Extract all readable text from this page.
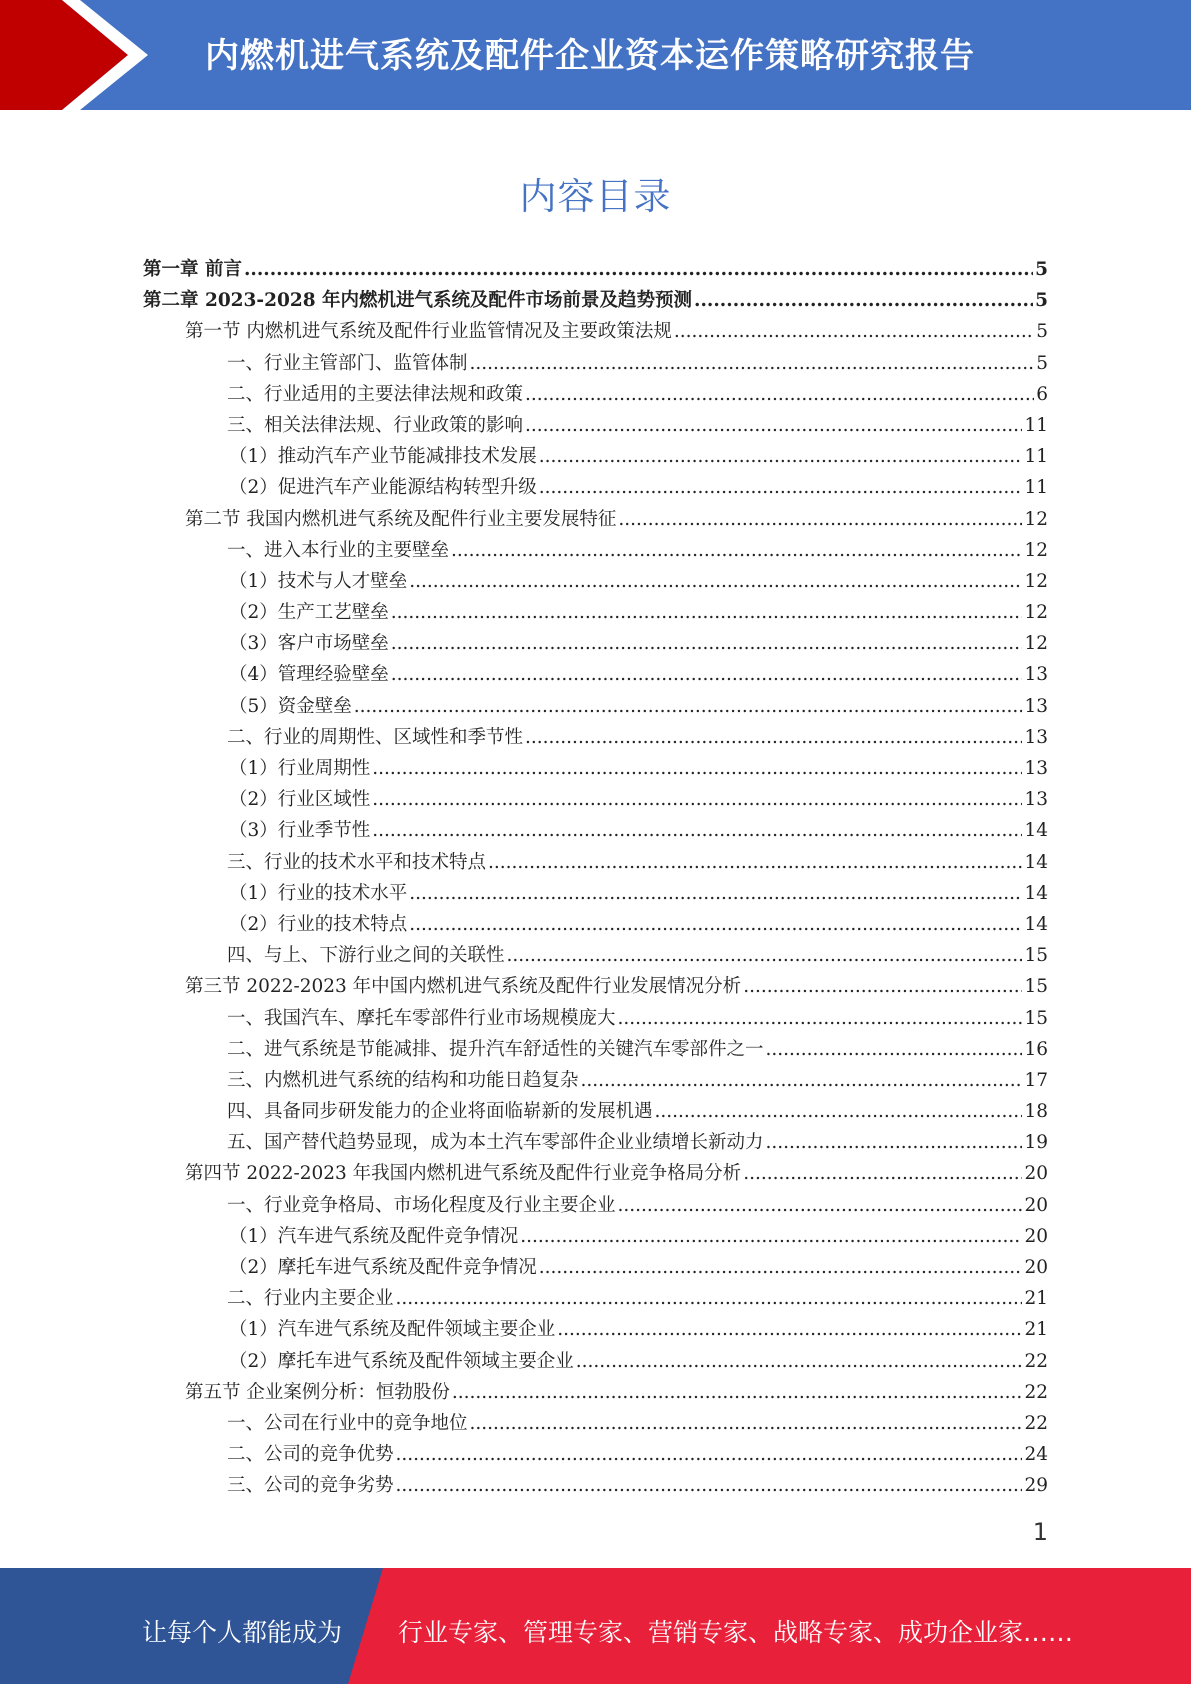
内燃机进气系统及配件企业资本运作策略研究报告
内容目录
第一章 前言 .....	5
第二章 2023-2028 年内燃机进气系统及配件市场前景及趋势预测 .....	5
第一节 内燃机进气系统及配件行业监管情况及主要政策法规 .....	5
一、行业主管部门、监管体制 .....	5
二、行业适用的主要法律法规和政策 .....	6
三、相关法律法规、行业政策的影响 .....	11
（1）推动汽车产业节能减排技术发展 .....	11
（2）促进汽车产业能源结构转型升级 .....	11
第二节 我国内燃机进气系统及配件行业主要发展特征 .....	12
一、进入本行业的主要壁垒 .....	12
（1）技术与人才壁垒 .....	12
（2）生产工艺壁垒 .....	12
（3）客户市场壁垒 .....	12
（4）管理经验壁垒 .....	13
（5）资金壁垒 .....	13
二、行业的周期性、区域性和季节性 .....	13
（1）行业周期性 .....	13
（2）行业区域性 .....	13
（3）行业季节性 .....	14
三、行业的技术水平和技术特点 .....	14
（1）行业的技术水平 .....	14
（2）行业的技术特点 .....	14
四、与上、下游行业之间的关联性 .....	15
第三节 2022-2023 年中国内燃机进气系统及配件行业发展情况分析 .....	15
一、我国汽车、摩托车零部件行业市场规模庞大 .....	15
二、进气系统是节能减排、提升汽车舒适性的关键汽车零部件之一 .....	16
三、内燃机进气系统的结构和功能日趋复杂 .....	17
四、具备同步研发能力的企业将面临崭新的发展机遇 .....	18
五、国产替代趋势显现，成为本土汽车零部件企业业绩增长新动力 .....	19
第四节 2022-2023 年我国内燃机进气系统及配件行业竞争格局分析 .....	20
一、行业竞争格局、市场化程度及行业主要企业 .....	20
（1）汽车进气系统及配件竞争情况 .....	20
（2）摩托车进气系统及配件竞争情况 .....	20
二、行业内主要企业 .....	21
（1）汽车进气系统及配件领域主要企业 .....	21
（2）摩托车进气系统及配件领域主要企业 .....	22
第五节 企业案例分析：恒勃股份 .....	22
一、公司在行业中的竞争地位 .....	22
二、公司的竞争优势 .....	24
三、公司的竞争劣势 .....	29
1
让每个人都能成为 行业专家、管理专家、营销专家、战略专家、成功企业家……
